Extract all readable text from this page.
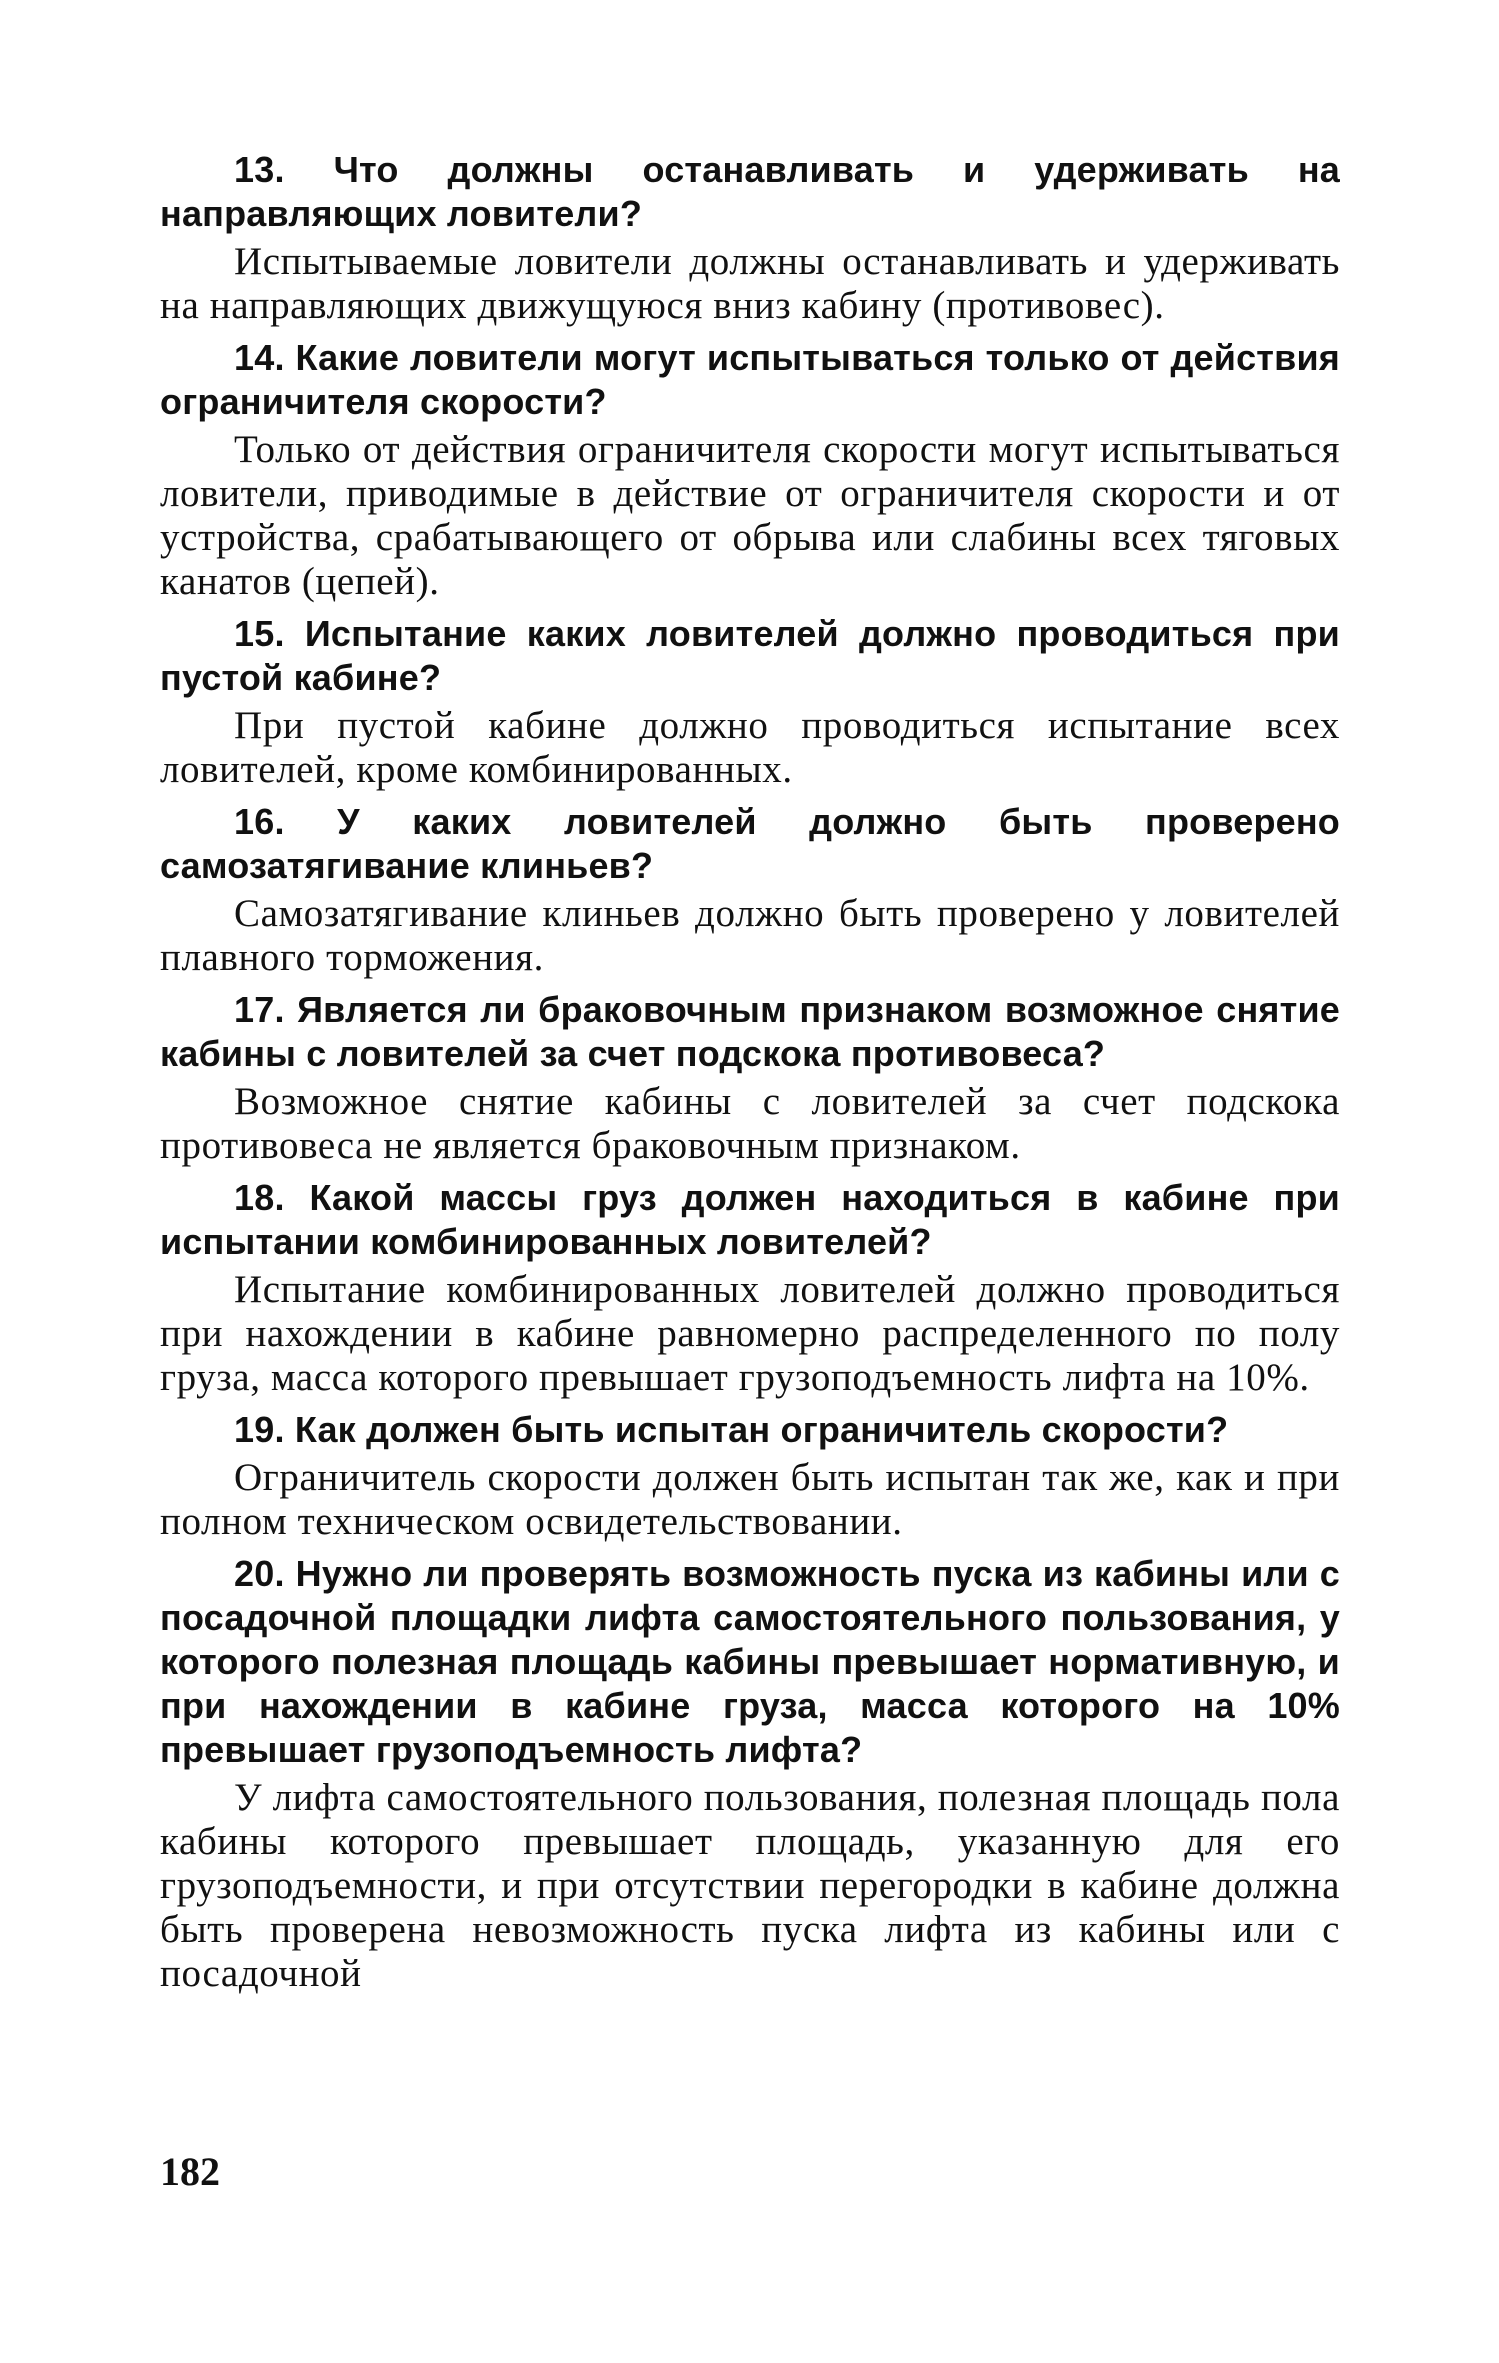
13. Что должны останавливать и удерживать на направляющих ловители?

Испытываемые ловители должны останавливать и удерживать на направляющих движущуюся вниз кабину (противовес).

14. Какие ловители могут испытываться только от действия ограничителя скорости?

Только от действия ограничителя скорости могут испытываться ловители, приводимые в действие от ограничителя скорости и от устройства, срабатывающего от обрыва или слабины всех тяговых канатов (цепей).

15. Испытание каких ловителей должно проводиться при пустой кабине?

При пустой кабине должно проводиться испытание всех ловителей, кроме комбинированных.

16. У каких ловителей должно быть проверено самозатягивание клиньев?

Самозатягивание клиньев должно быть проверено у ловителей плавного торможения.

17. Является ли браковочным признаком возможное снятие кабины с ловителей за счет подскока противовеса?

Возможное снятие кабины с ловителей за счет подскока противовеса не является браковочным признаком.

18. Какой массы груз должен находиться в кабине при испытании комбинированных ловителей?

Испытание комбинированных ловителей должно проводиться при нахождении в кабине равномерно распределенного по полу груза, масса которого превышает грузоподъемность лифта на 10%.

19. Как должен быть испытан ограничитель скорости?

Ограничитель скорости должен быть испытан так же, как и при полном техническом освидетельствовании.

20. Нужно ли проверять возможность пуска из кабины или с посадочной площадки лифта самостоятельного пользования, у которого полезная площадь кабины превышает нормативную, и при нахождении в кабине груза, масса которого на 10% превышает грузоподъемность лифта?

У лифта самостоятельного пользования, полезная площадь пола кабины которого превышает площадь, указанную для его грузоподъемности, и при отсутствии перегородки в кабине должна быть проверена невозможность пуска лифта из кабины или с посадочной

182
